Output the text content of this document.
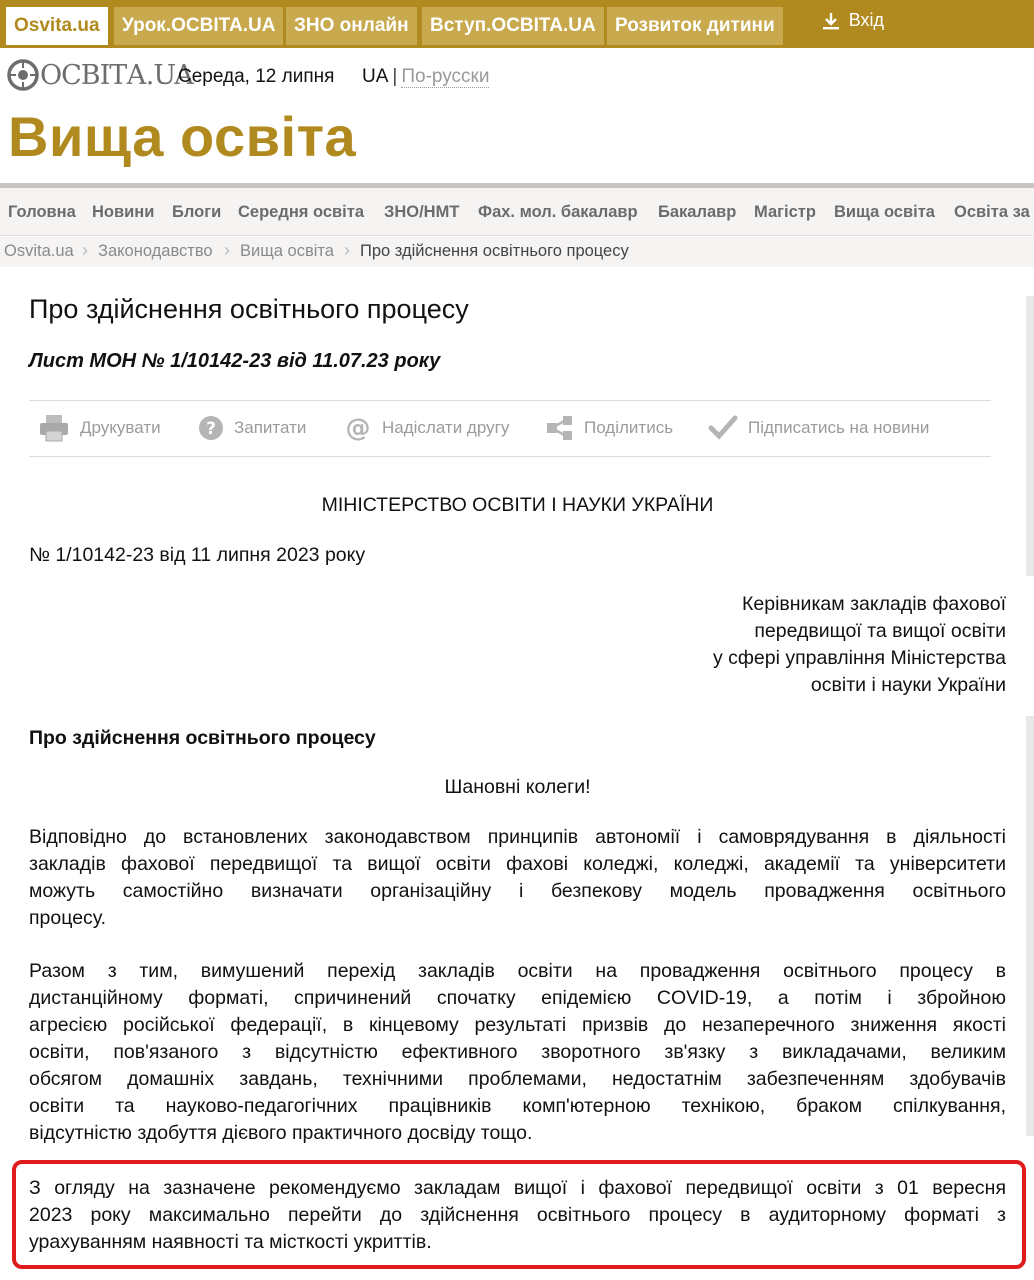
Osvita.ua	Урок.ОСВІТА.UA ЗНО онлайн	Вступ.ОСВІТА.UA	Розвиток дитини	Вхід
ОСВІТА.UA
Середа, 12 липня UA | По-русски
Вища освіта
Головна Новини Блоги Середня освіта ЗНО/НМТ Фах. мол. бакалавр Бакалавр Магістр Вища освіта Освіта за
Osvita.ua › Законодавство › Вища освіта › Про здійснення освітнього процесу
Про здійснення освітнього процесу
Лист МОН № 1/10142-23 від 11.07.23 року
Друкувати	? Запитати @ Надіслати другу	Поділитись	Підписатись на новини
МІНІСТЕРСТВО ОСВІТИ І НАУКИ УКРАЇНИ
№ 1/10142-23 від 11 липня 2023 року
Керівникам закладів фахової
передвищої та вищої освіти
у сфері управління Міністерства
освіти і науки України
Про здійснення освітнього процесу
Шановні колеги!
Відповідно до встановлених законодавством принципів автономії і самоврядування в діяльності
закладів фахової передвищої та вищої освіти фахові коледжі, коледжі, академії та університети
можуть самостійно визначати організаційну і безпекову модель провадження освітнього
процесу.
Разом з тим, вимушений перехід закладів освіти на провадження освітнього процесу в
дистанційному форматі, спричинений спочатку епідемією COVID-19, а потім і збройною
агресією російської федерації, в кінцевому результаті призвів до незаперечного зниження якості
освіти, пов'язаного з відсутністю ефективного зворотного зв'язку з викладачами, великим
обсягом домашніх завдань, технічними проблемами, недостатнім забезпеченням здобувачів
освіти та науково-педагогічних працівників комп'ютерною технікою, браком спілкування,
відсутністю здобуття дієвого практичного досвіду тощо.
З огляду на зазначене рекомендуємо закладам вищої і фахової передвищої освіти з 01 вересня
2023 року максимально перейти до здійснення освітнього процесу в аудиторному форматі з
урахуванням наявності та місткості укриттів.
